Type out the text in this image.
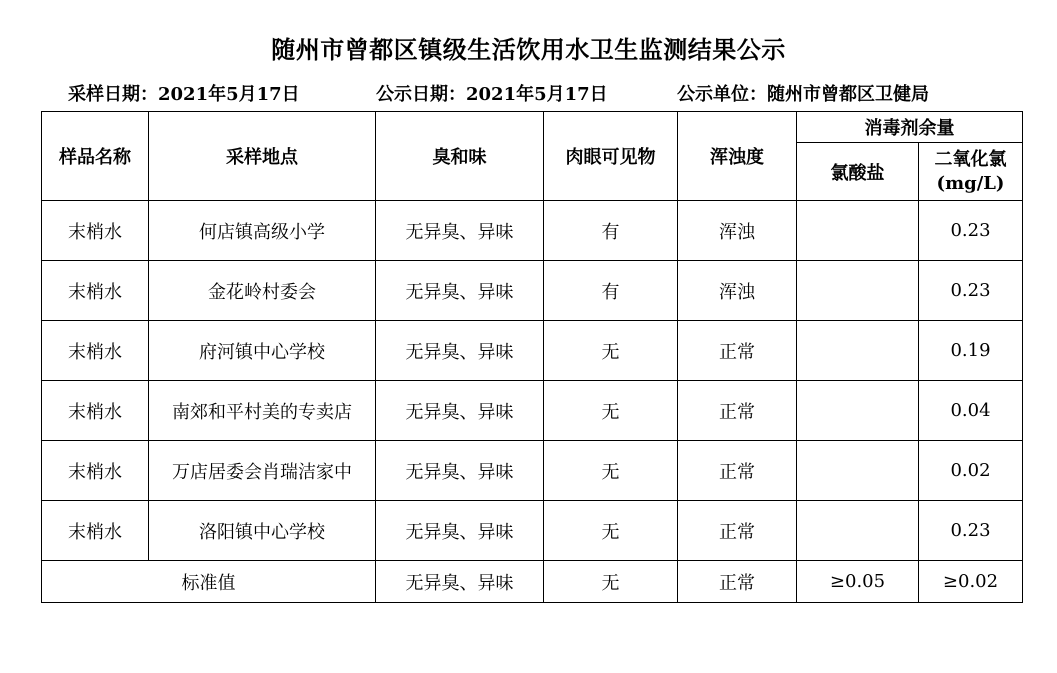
随州市曾都区镇级生活饮用水卫生监测结果公示
采样日期：2021年5月17日	公示日期：2021年5月17日	公示单位：随州市曾都区卫健局
样品名称	采样地点	臭和味	肉眼可见物	浑浊度	消毒剂余量	
					氯酸盐	二氧化氯
(mg/L)

末梢水	何店镇高级小学	无异臭、异味	有	浑浊		0.23
末梢水	金花岭村委会	无异臭、异味	有	浑浊		0.23
末梢水	府河镇中心学校	无异臭、异味	无	正常		0.19
末梢水	南郊和平村美的专卖店	无异臭、异味	无	正常		0.04
末梢水	万店居委会肖瑞洁家中	无异臭、异味	无	正常		0.02
末梢水	洛阳镇中心学校	无异臭、异味	无	正常		0.23
标准值		无异臭、异味	无	正常	≥0.05	≥0.02
